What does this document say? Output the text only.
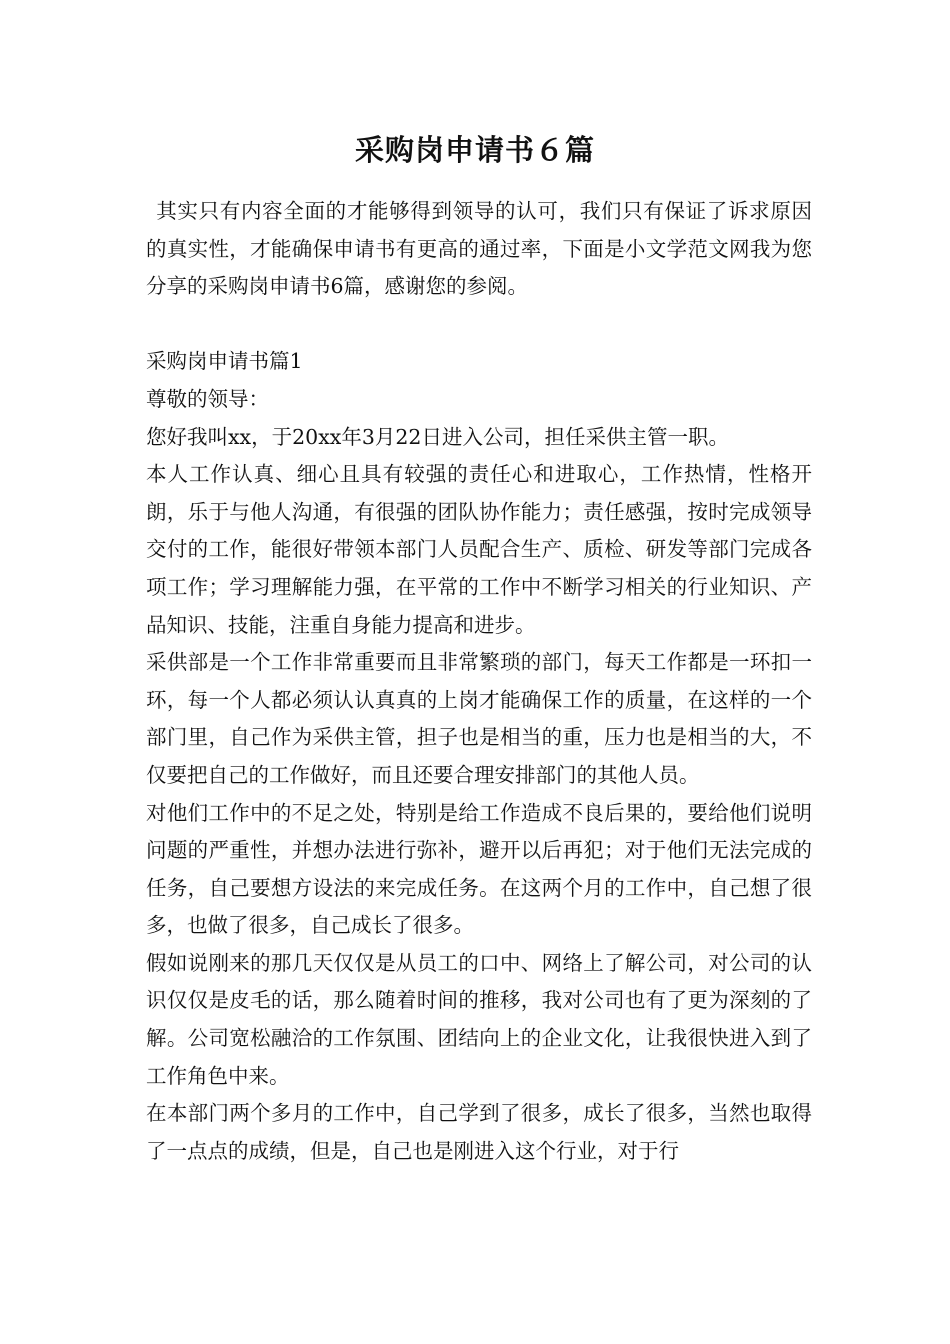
采购岗申请书６篇

其实只有内容全面的才能够得到领导的认可，我们只有保证了诉求原因的真实性，才能确保申请书有更高的通过率，下面是小文学范文网我为您分享的采购岗申请书6篇，感谢您的参阅。

采购岗申请书篇1

尊敬的领导：

您好我叫xx，于20xx年3月22日进入公司，担任采供主管一职。

本人工作认真、细心且具有较强的责任心和进取心，工作热情，性格开朗，乐于与他人沟通，有很强的团队协作能力；责任感强，按时完成领导交付的工作，能很好带领本部门人员配合生产、质检、研发等部门完成各项工作；学习理解能力强，在平常的工作中不断学习相关的行业知识、产品知识、技能，注重自身能力提高和进步。

采供部是一个工作非常重要而且非常繁琐的部门，每天工作都是一环扣一环，每一个人都必须认认真真的上岗才能确保工作的质量，在这样的一个部门里，自己作为采供主管，担子也是相当的重，压力也是相当的大，不仅要把自己的工作做好，而且还要合理安排部门的其他人员。

对他们工作中的不足之处，特别是给工作造成不良后果的，要给他们说明问题的严重性，并想办法进行弥补，避开以后再犯；对于他们无法完成的任务，自己要想方设法的来完成任务。在这两个月的工作中，自己想了很多，也做了很多，自己成长了很多。

假如说刚来的那几天仅仅是从员工的口中、网络上了解公司，对公司的认识仅仅是皮毛的话，那么随着时间的推移，我对公司也有了更为深刻的了解。公司宽松融洽的工作氛围、团结向上的企业文化，让我很快进入到了工作角色中来。

在本部门两个多月的工作中，自己学到了很多，成长了很多，当然也取得了一点点的成绩，但是，自己也是刚进入这个行业，对于行
